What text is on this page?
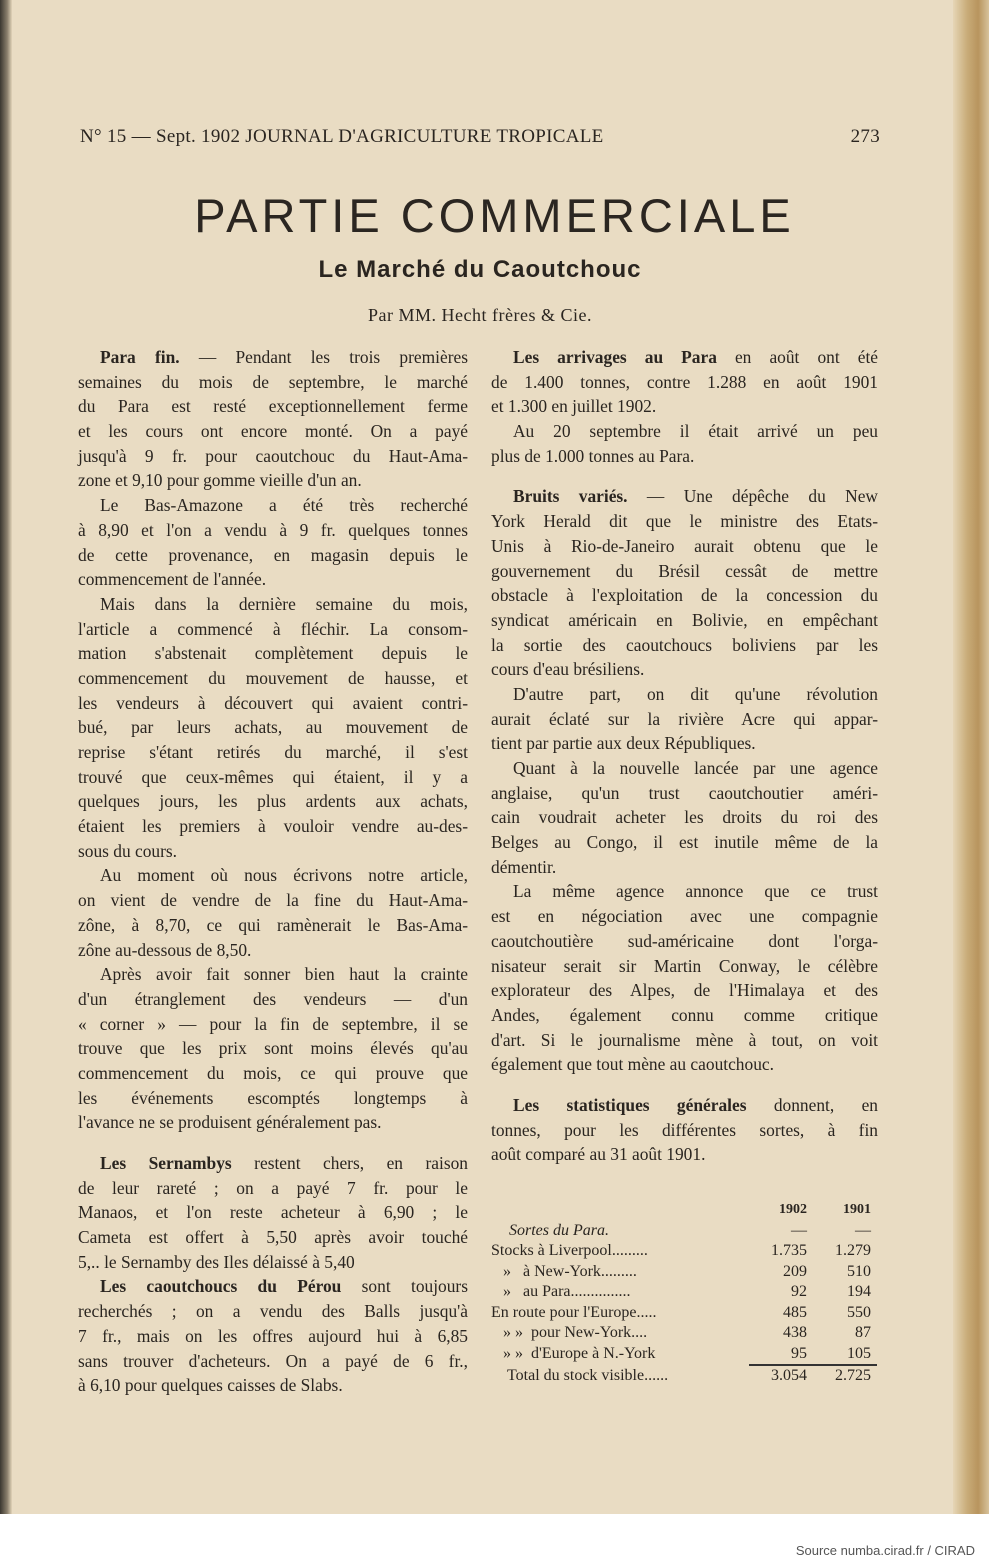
N° 15 — Sept. 1902 JOURNAL D'AGRICULTURE TROPICALE	273
PARTIE COMMERCIALE
Le Marché du Caoutchouc
Par MM. Hecht frères & Cie.
Para fin. — Pendant les trois premières
semaines du mois de septembre, le marché
du Para est resté exceptionnellement ferme
et les cours ont encore monté. On a payé
jusqu'à 9 fr. pour caoutchouc du Haut-Ama-
zone et 9,10 pour gomme vieille d'un an.
Le Bas-Amazone a été très recherché
à 8,90 et l'on a vendu à 9 fr. quelques tonnes
de cette provenance, en magasin depuis le
commencement de l'année.
Mais dans la dernière semaine du mois,
l'article a commencé à fléchir. La consom-
mation s'abstenait complètement depuis le
commencement du mouvement de hausse, et
les vendeurs à découvert qui avaient contri-
bué, par leurs achats, au mouvement de
reprise s'étant retirés du marché, il s'est
trouvé que ceux-mêmes qui étaient, il y a
quelques jours, les plus ardents aux achats,
étaient les premiers à vouloir vendre au-des-
sous du cours.
Au moment où nous écrivons notre article,
on vient de vendre de la fine du Haut-Ama-
zône, à 8,70, ce qui ramènerait le Bas-Ama-
zône au-dessous de 8,50.
Après avoir fait sonner bien haut la crainte
d'un étranglement des vendeurs — d'un
« corner » — pour la fin de septembre, il se
trouve que les prix sont moins élevés qu'au
commencement du mois, ce qui prouve que
les événements escomptés longtemps à
l'avance ne se produisent généralement pas.
Les Sernambys restent chers, en raison
de leur rareté ; on a payé 7 fr. pour le
Manaos, et l'on reste acheteur à 6,90 ; le
Cameta est offert à 5,50 après avoir touché
5,.. le Sernamby des Iles délaissé à 5,40
Les caoutchoucs du Pérou sont toujours
recherchés ; on a vendu des Balls jusqu'à
7 fr., mais on les offres aujourd hui à 6,85
sans trouver d'acheteurs. On a payé de 6 fr.,
à 6,10 pour quelques caisses de Slabs.
Les arrivages au Para en août ont été
de 1.400 tonnes, contre 1.288 en août 1901
et 1.300 en juillet 1902.
Au 20 septembre il était arrivé un peu
plus de 1.000 tonnes au Para.
Bruits variés. — Une dépêche du New
York Herald dit que le ministre des Etats-
Unis à Rio-de-Janeiro aurait obtenu que le
gouvernement du Brésil cessât de mettre
obstacle à l'exploitation de la concession du
syndicat américain en Bolivie, en empêchant
la sortie des caoutchoucs boliviens par les
cours d'eau brésiliens.
D'autre part, on dit qu'une révolution
aurait éclaté sur la rivière Acre qui appar-
tient par partie aux deux Républiques.
Quant à la nouvelle lancée par une agence
anglaise, qu'un trust caoutchoutier améri-
cain voudrait acheter les droits du roi des
Belges au Congo, il est inutile même de la
démentir.
La même agence annonce que ce trust
est en négociation avec une compagnie
caoutchoutière sud-américaine dont l'orga-
nisateur serait sir Martin Conway, le célèbre
explorateur des Alpes, de l'Himalaya et des
Andes, également connu comme critique
d'art. Si le journalisme mène à tout, on voit
également que tout mène au caoutchouc.
Les statistiques générales donnent, en
tonnes, pour les différentes sortes, à fin
août comparé au 31 août 1901.
	1902	1901
Sortes du Para.	—	—
Stocks à Liverpool.........	1.735	1.279
»   à New-York.........	209	510
»   au Para...............	92	194
En route pour l'Europe.....	485	550
» »  pour New-York....	438	87
» »  d'Europe à N.-York	95	105
Total du stock visible......	3.054	2.725
Source numba.cirad.fr / CIRAD
